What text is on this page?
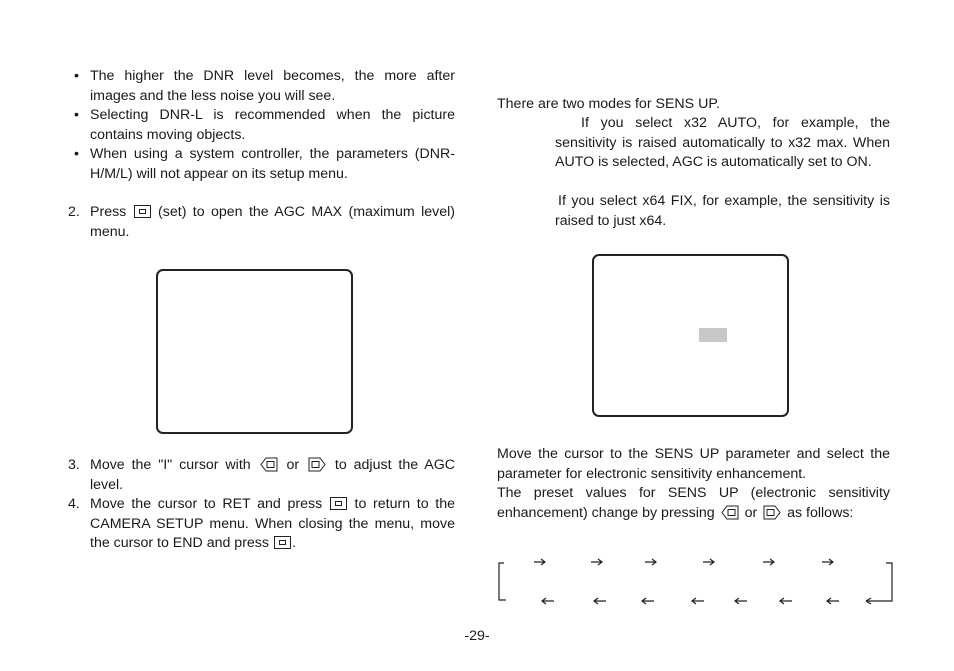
• The higher the DNR level becomes, the more after images and the less noise you will see.
• Selecting DNR-L is recommended when the picture contains moving objects.
• When using a system controller, the parameters (DNR-H/M/L) will not appear on its setup menu.
2. Press (set) to open the AGC MAX (maximum level) menu.
3. Move the "I" cursor with	or	to adjust the AGC level.
4. Move the cursor to RET and press to return to the CAMERA SETUP menu. When closing the menu, move the cursor to END and press .
There are two modes for SENS UP.
If you select x32 AUTO, for example, the sensitivity is raised automatically to x32 max. When AUTO is selected, AGC is automatically set to ON.
If you select x64 FIX, for example, the sensitivity is raised to just x64.
Move the cursor to the SENS UP parameter and select the parameter for electronic sensitivity enhancement.
The preset values for SENS UP (electronic sensitivity enhancement) change by pressing or as follows:
-29-
